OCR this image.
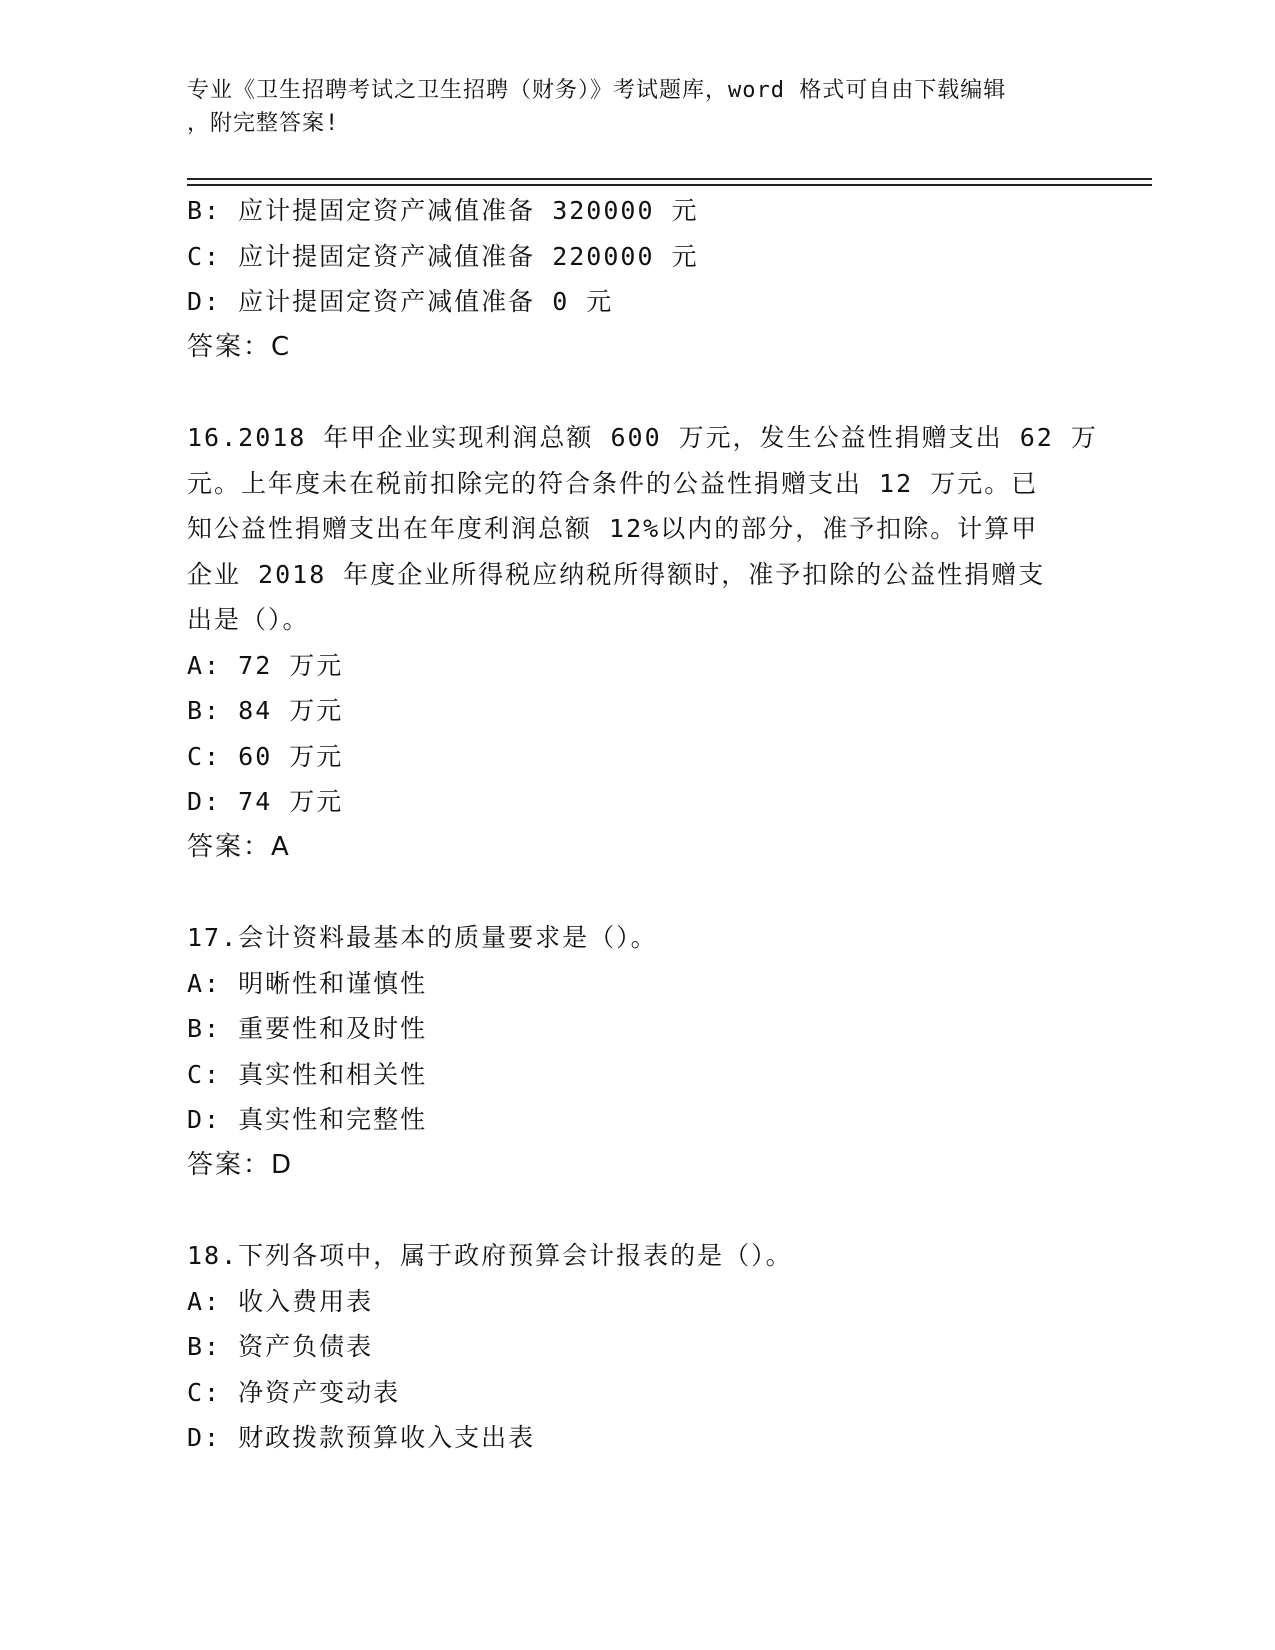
专业《卫生招聘考试之卫生招聘（财务）》考试题库，word 格式可自由下载编辑
，附完整答案!
B: 应计提固定资产减值准备 320000 元
C: 应计提固定资产减值准备 220000 元
D: 应计提固定资产减值准备 0 元
答案：C
16.2018 年甲企业实现利润总额 600 万元，发生公益性捐赠支出 62 万
元。上年度未在税前扣除完的符合条件的公益性捐赠支出 12 万元。已
知公益性捐赠支出在年度利润总额 12%以内的部分，准予扣除。计算甲
企业 2018 年度企业所得税应纳税所得额时，准予扣除的公益性捐赠支
出是（）。
A: 72 万元
B: 84 万元
C: 60 万元
D: 74 万元
答案：A
17.会计资料最基本的质量要求是（）。
A: 明晰性和谨慎性
B: 重要性和及时性
C: 真实性和相关性
D: 真实性和完整性
答案：D
18.下列各项中，属于政府预算会计报表的是（）。
A: 收入费用表
B: 资产负债表
C: 净资产变动表
D: 财政拨款预算收入支出表
